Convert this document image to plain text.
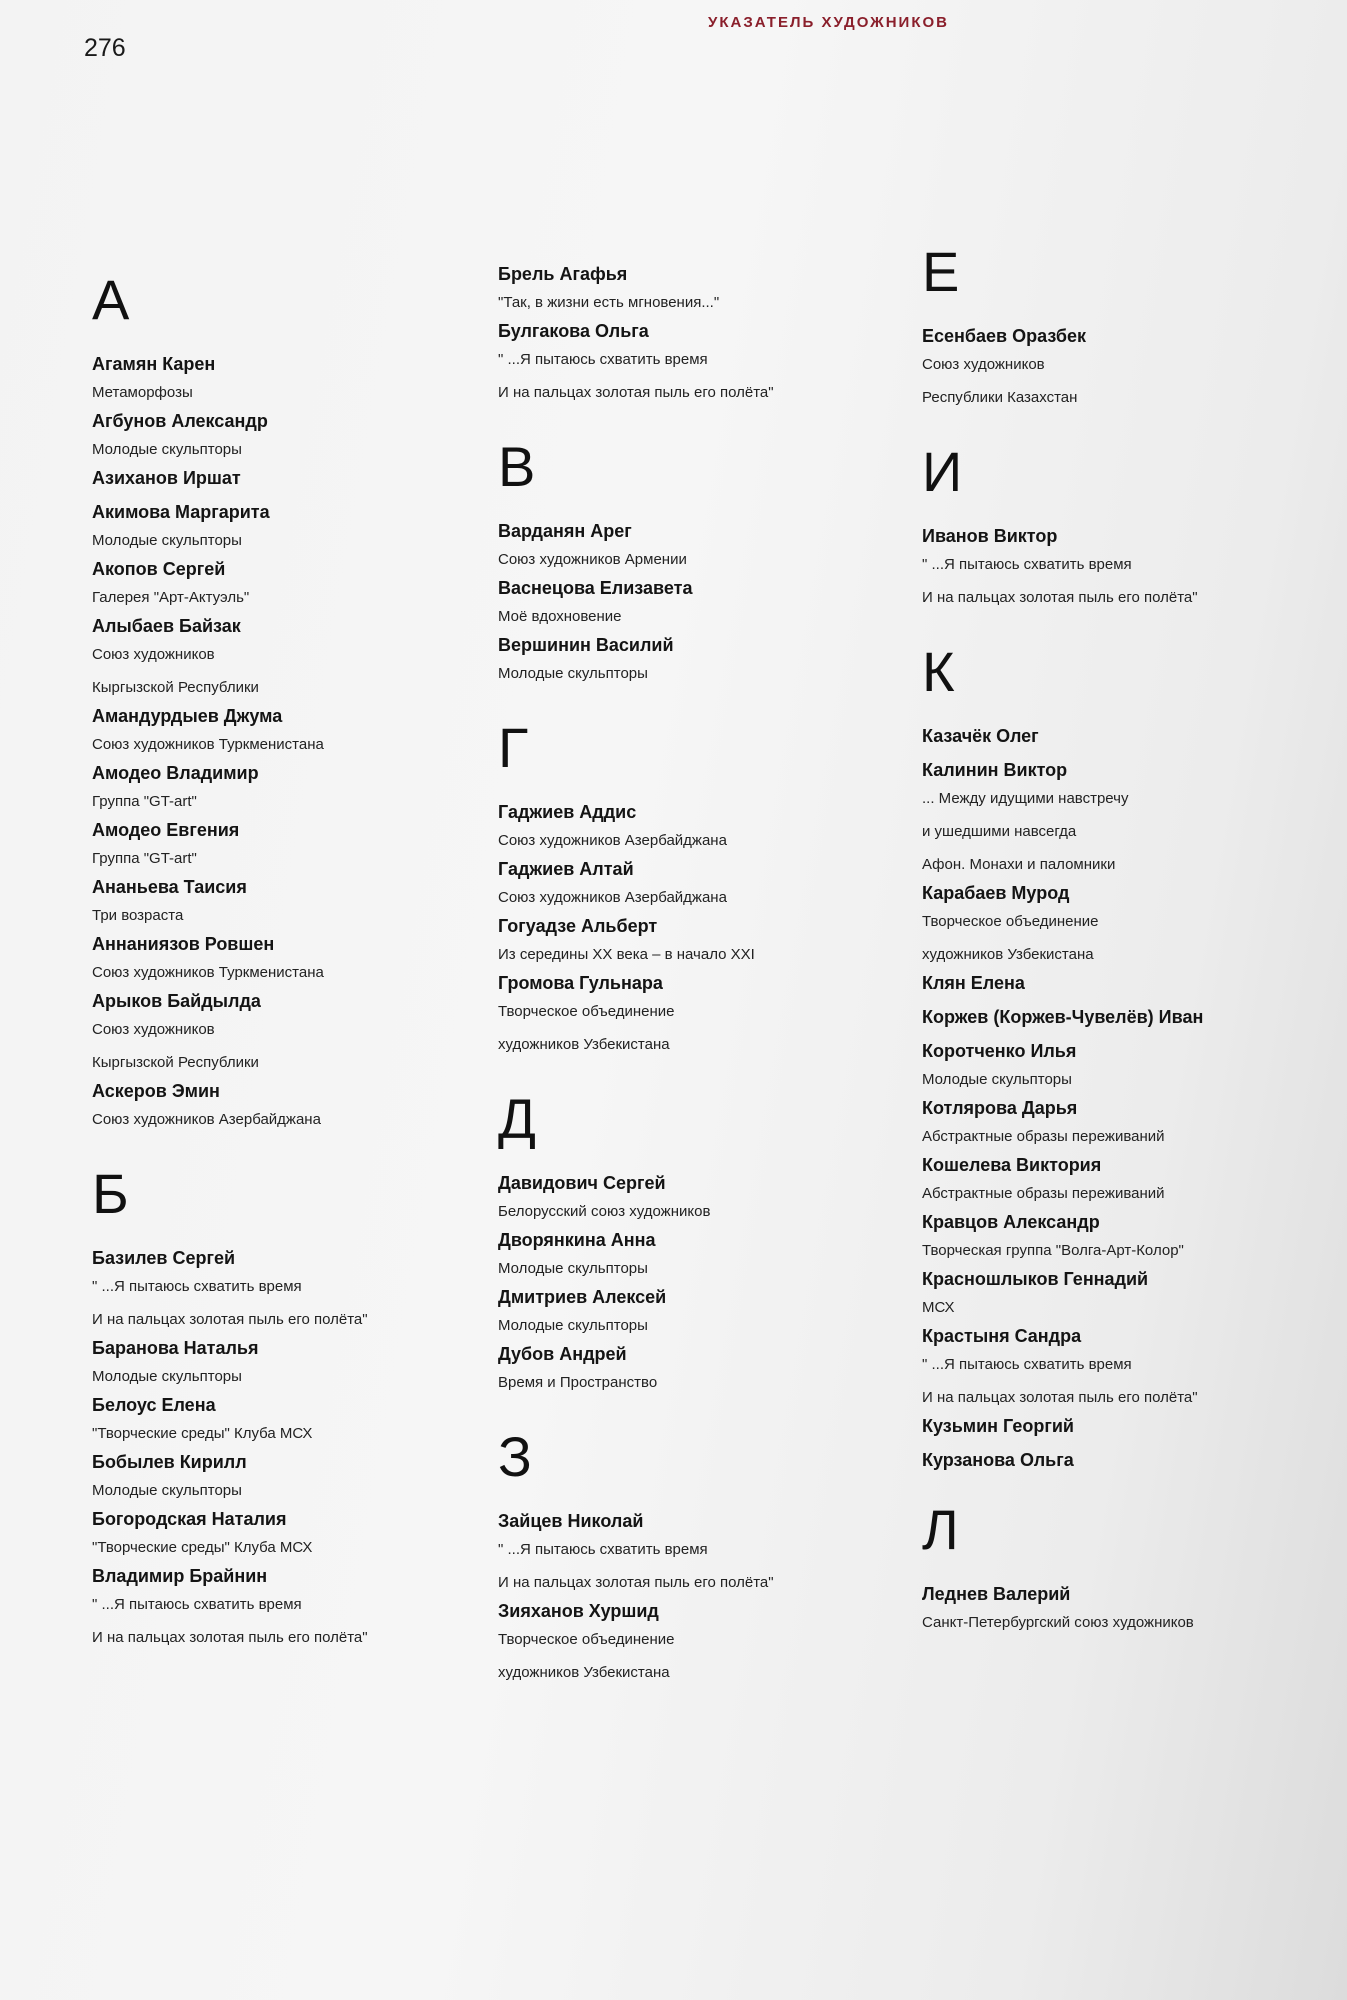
276
УКАЗАТЕЛЬ ХУДОЖНИКОВ
А

Агамян Карен

Метаморфозы

Агбунов Александр

Молодые скульпторы

Азиханов Иршат

Акимова Маргарита

Молодые скульпторы

Акопов Сергей

Галерея "Арт-Актуэль"

Алыбаев Байзак

Союз художников

Кыргызской Республики

Амандурдыев Джума

Союз художников Туркменистана

Амодео Владимир

Группа "GT-art"

Амодео Евгения

Группа "GT-art"

Ананьева Таисия

Три возраста

Аннаниязов Ровшен

Союз художников Туркменистана

Арыков Байдылда

Союз художников

Кыргызской Республики

Аскеров Эмин

Союз художников Азербайджана

Б

Базилев Сергей

" ...Я пытаюсь схватить время

И на пальцах золотая пыль его полёта"

Баранова Наталья

Молодые скульпторы

Белоус Елена

"Творческие среды" Клуба МСХ

Бобылев Кирилл

Молодые скульпторы

Богородская Наталия

"Творческие среды" Клуба МСХ

Владимир Брайнин

" ...Я пытаюсь схватить время

И на пальцах золотая пыль его полёта"

Брель Агафья

"Так, в жизни есть мгновения..."

Булгакова Ольга

" ...Я пытаюсь схватить время

И на пальцах золотая пыль его полёта"

В

Варданян Арег

Союз художников Армении

Васнецова Елизавета

Моё вдохновение

Вершинин Василий

Молодые скульпторы

Г

Гаджиев Аддис

Союз художников Азербайджана

Гаджиев Алтай

Союз художников Азербайджана

Гогуадзе Альберт

Из середины XX века – в начало XXI

Громова Гульнара

Творческое объединение

художников Узбекистана

Д

Давидович Сергей

Белорусский союз художников

Дворянкина Анна

Молодые скульпторы

Дмитриев Алексей

Молодые скульпторы

Дубов Андрей

Время и Пространство

З

Зайцев Николай

" ...Я пытаюсь схватить время

И на пальцах золотая пыль его полёта"

Зияханов Хуршид

Творческое объединение

художников Узбекистана

Е

Есенбаев Оразбек

Союз художников

Республики Казахстан

И

Иванов Виктор

" ...Я пытаюсь схватить время

И на пальцах золотая пыль его полёта"

К

Казачёк Олег

Калинин Виктор

... Между идущими навстречу

и ушедшими навсегда

Афон. Монахи и паломники

Карабаев Мурод

Творческое объединение

художников Узбекистана

Клян Елена

Коржев (Коржев-Чувелёв) Иван

Коротченко Илья

Молодые скульпторы

Котлярова Дарья

Абстрактные образы переживаний

Кошелева Виктория

Абстрактные образы переживаний

Кравцов Александр

Творческая группа "Волга-Арт-Колор"

Красношлыков Геннадий

МСХ

Крастыня Сандра

" ...Я пытаюсь схватить время

И на пальцах золотая пыль его полёта"

Кузьмин Георгий

Курзанова Ольга

Л

Леднев Валерий

Санкт-Петербургский союз художников
